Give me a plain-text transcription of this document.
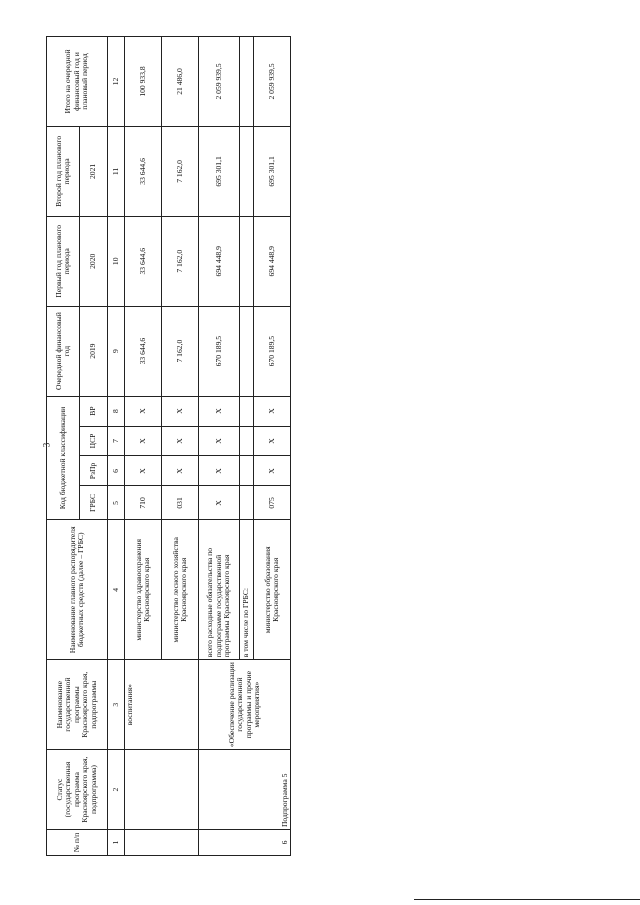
3
№ п/п	Статус (государственная программа Красноярского края, подпрограмма)	Наименование государственной программы Красноярского края, подпрограммы	Наименование главного распорядителя бюджетных средств (далее – ГРБС)	Код бюджетной классификации				Очередной финансовый год	Первый год планового периода	Второй год планового периода	Итого на очередной финансовый год и плановый период
				ГРБС	РзПр	ЦСР	ВР	2019	2020	2021	
1	2	3	4	5	6	7	8	9	10	11	12
		воспитания»	министерство здравоохранения Красноярского края	710	Х	Х	Х	33 644,6	33 644,6	33 644,6	100 933,8
			министерство лесного хозяйства Красноярского края	031	Х	Х	Х	7 162,0	7 162,0	7 162,0	21 486,0
6	Подпрограмма 5	«Обеспечение реализации государственной программы и прочие мероприятия»	всего расходные обязательства по подпрограмме государственной программы Красноярского края	Х	Х	Х	Х	670 189,5	694 448,9	695 301,1	2 059 939,5
			в том числе по ГРБС:								
			министерство образования Красноярского края	075	Х	Х	Х	670 189,5	694 448,9	695 301,1	2 059 939,5
